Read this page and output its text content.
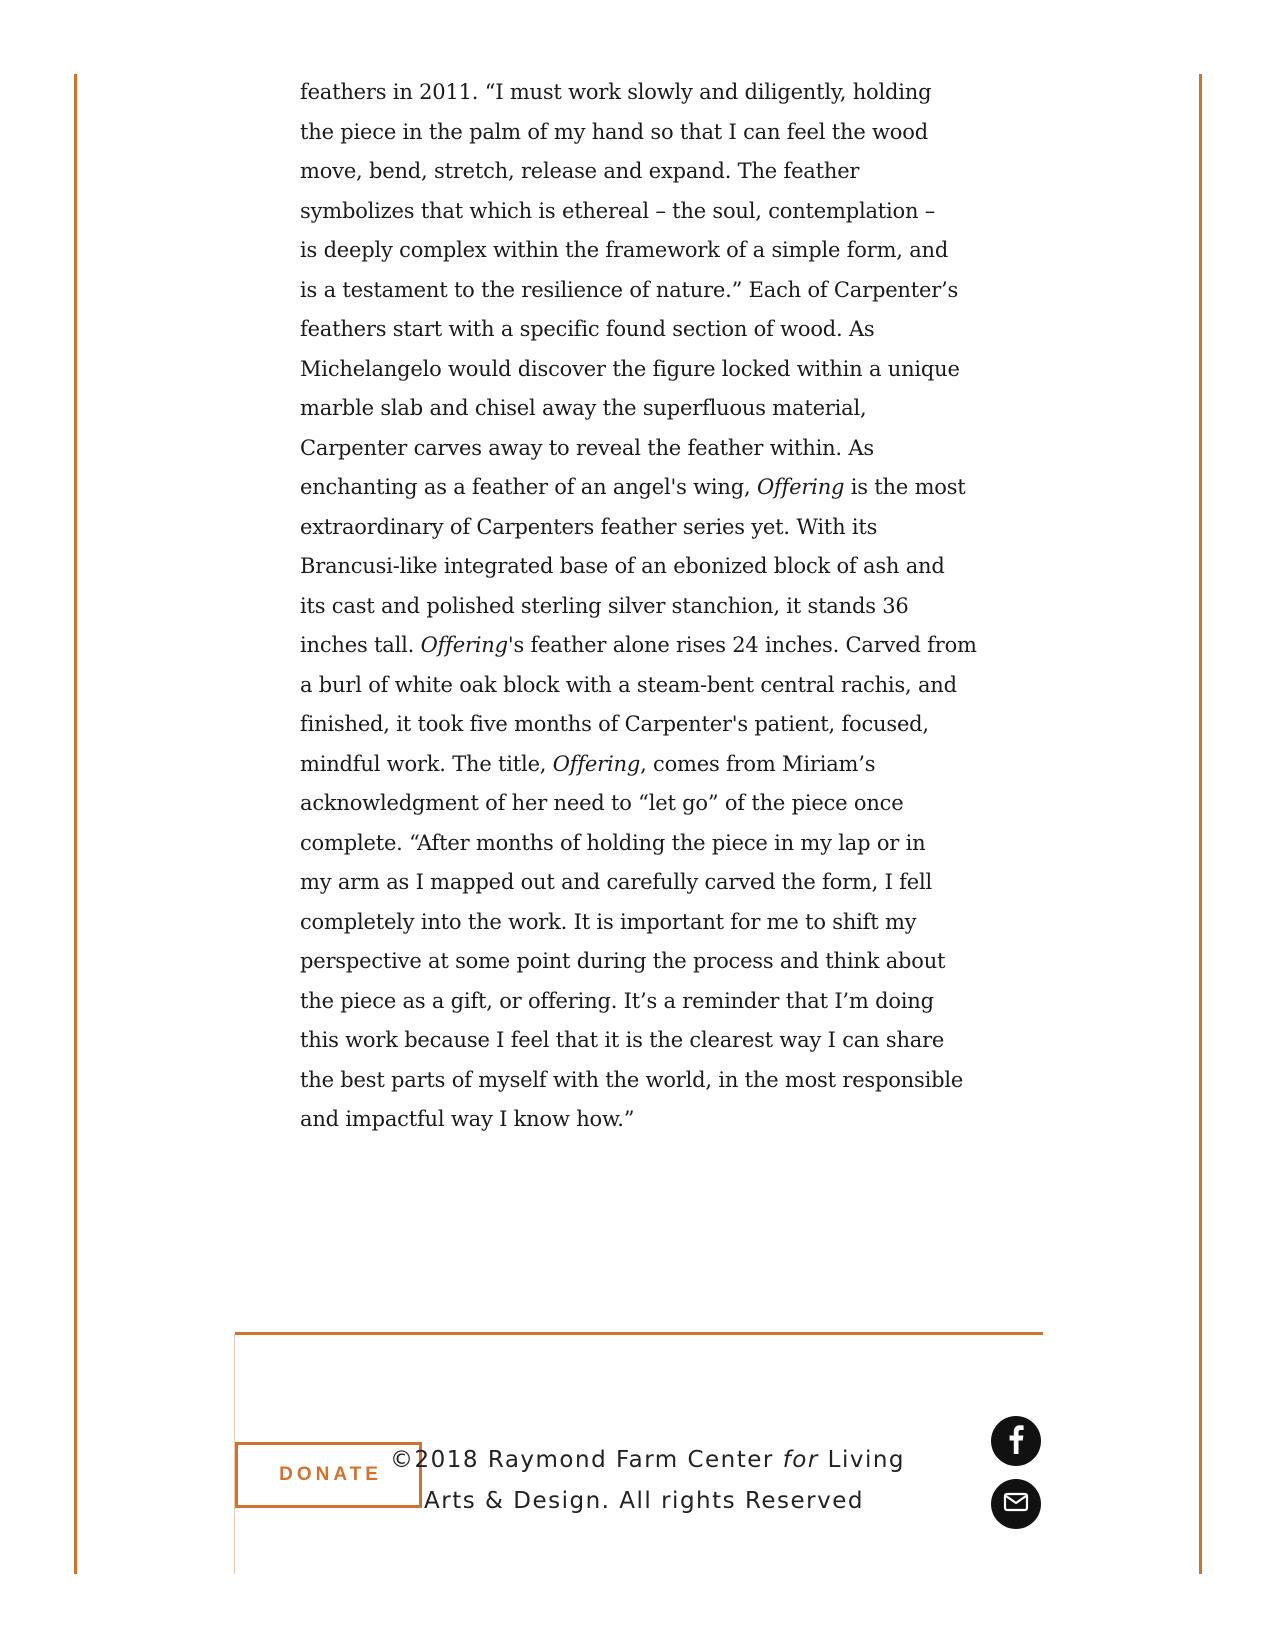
feathers in 2011. “I must work slowly and diligently, holding
the piece in the palm of my hand so that I can feel the wood
move, bend, stretch, release and expand. The feather
symbolizes that which is ethereal – the soul, contemplation –
is deeply complex within the framework of a simple form, and
is a testament to the resilience of nature.” Each of Carpenter’s
feathers start with a specific found section of wood. As
Michelangelo would discover the figure locked within a unique
marble slab and chisel away the superfluous material,
Carpenter carves away to reveal the feather within. As
enchanting as a feather of an angel's wing, Offering is the most
extraordinary of Carpenters feather series yet. With its
Brancusi-like integrated base of an ebonized block of ash and
its cast and polished sterling silver stanchion, it stands 36
inches tall. Offering's feather alone rises 24 inches. Carved from
a burl of white oak block with a steam-bent central rachis, and
finished, it took five months of Carpenter's patient, focused,
mindful work. The title, Offering, comes from Miriam’s
acknowledgment of her need to “let go” of the piece once
complete. “After months of holding the piece in my lap or in
my arm as I mapped out and carefully carved the form, I fell
completely into the work. It is important for me to shift my
perspective at some point during the process and think about
the piece as a gift, or offering. It’s a reminder that I’m doing
this work because I feel that it is the clearest way I can share
the best parts of myself with the world, in the most responsible
and impactful way I know how.”
DONATE
©2018 Raymond Farm Center for Living
Arts & Design. All rights Reserved
